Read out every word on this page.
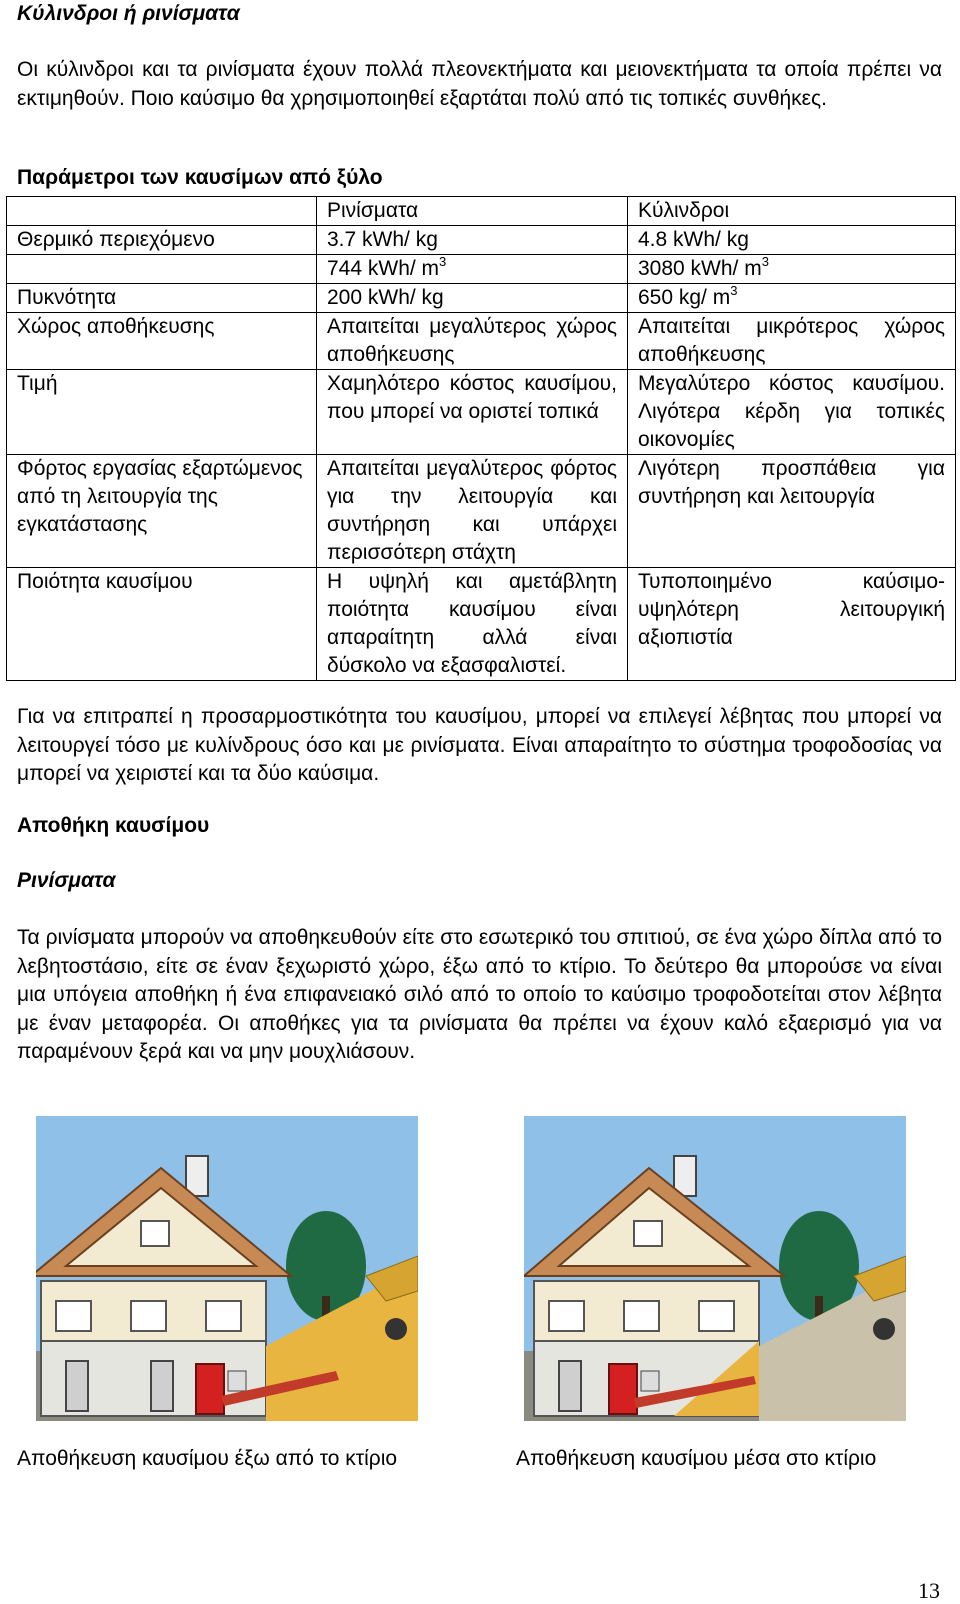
Κύλινδροι ή ρινίσματα
Οι κύλινδροι και τα ρινίσματα έχουν πολλά πλεονεκτήματα και μειονεκτήματα τα οποία πρέπει να εκτιμηθούν. Ποιο καύσιμο θα χρησιμοποιηθεί εξαρτάται πολύ από τις τοπικές συνθήκες.
Παράμετροι των καυσίμων από ξύλο
	Ρινίσματα	Κύλινδροι
Θερμικό περιεχόμενο	3.7 kWh/ kg	4.8 kWh/ kg
	744 kWh/ $m^3$	3080 kWh/ $m^3$
Πυκνότητα	200 kWh/ kg	650 kg/ $m^3$
Χώρος αποθήκευσης	Απαιτείται μεγαλύτερος χώρος αποθήκευσης	Απαιτείται μικρότερος χώρος αποθήκευσης
Τιμή	Χαμηλότερο κόστος καυσίμου, που μπορεί να οριστεί τοπικά	Μεγαλύτερο κόστος καυσίμου. Λιγότερα κέρδη για τοπικές οικονομίες
Φόρτος εργασίας εξαρτώμενος από τη λειτουργία της εγκατάστασης	Απαιτείται μεγαλύτερος φόρτος για την λειτουργία και συντήρηση και υπάρχει περισσότερη στάχτη	Λιγότερη προσπάθεια για συντήρηση και λειτουργία
Ποιότητα καυσίμου	Η υψηλή και αμετάβλητη ποιότητα καυσίμου είναι απαραίτητη αλλά είναι δύσκολο να εξασφαλιστεί.	Τυποποιημένο καύσιμο- υψηλότερη λειτουργική αξιοπιστία
Για να επιτραπεί η προσαρμοστικότητα του καυσίμου, μπορεί να επιλεγεί λέβητας που μπορεί να λειτουργεί τόσο με κυλίνδρους όσο και με ρινίσματα. Είναι απαραίτητο το σύστημα τροφοδοσίας να μπορεί να χειριστεί και τα δύο καύσιμα.
Αποθήκη καυσίμου
Ρινίσματα
Τα ρινίσματα μπορούν να αποθηκευθούν είτε στο εσωτερικό του σπιτιού, σε ένα χώρο δίπλα από το λεβητοστάσιο, είτε σε έναν ξεχωριστό χώρο, έξω από το κτίριο. Το δεύτερο θα μπορούσε να είναι μια υπόγεια αποθήκη ή ένα επιφανειακό σιλό από το οποίο το καύσιμο τροφοδοτείται στον λέβητα με έναν μεταφορέα. Οι αποθήκες για τα ρινίσματα θα πρέπει να έχουν καλό εξαερισμό για να παραμένουν ξερά και να μην μουχλιάσουν.
Αποθήκευση καυσίμου έξω από το κτίριο	Αποθήκευση καυσίμου μέσα στο κτίριο
13
